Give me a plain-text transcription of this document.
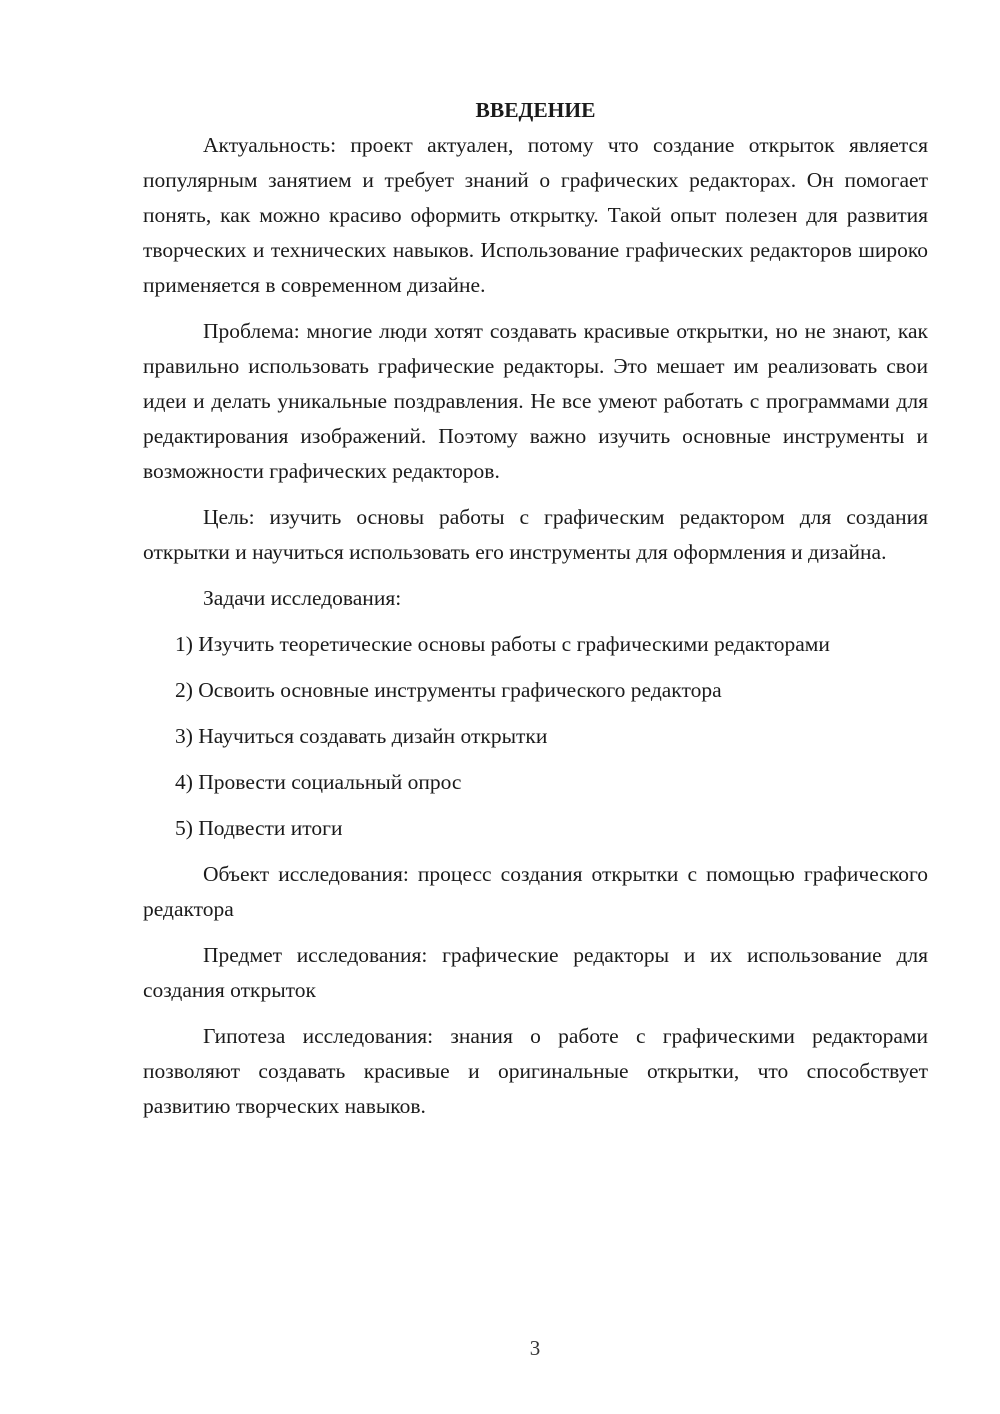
ВВЕДЕНИЕ

Актуальность: проект актуален, потому что создание открыток является популярным занятием и требует знаний о графических редакторах. Он помогает понять, как можно красиво оформить открытку. Такой опыт полезен для развития творческих и технических навыков. Использование графических редакторов широко применяется в современном дизайне.

Проблема: многие люди хотят создавать красивые открытки, но не знают, как правильно использовать графические редакторы. Это мешает им реализовать свои идеи и делать уникальные поздравления. Не все умеют работать с программами для редактирования изображений. Поэтому важно изучить основные инструменты и возможности графических редакторов.

Цель: изучить основы работы с графическим редактором для создания открытки и научиться использовать его инструменты для оформления и дизайна.

Задачи исследования:

1) Изучить теоретические основы работы с графическими редакторами

2) Освоить основные инструменты графического редактора

3) Научиться создавать дизайн открытки

4) Провести социальный опрос

5) Подвести итоги

Объект исследования: процесс создания открытки с помощью графического редактора

Предмет исследования: графические редакторы и их использование для создания открыток

Гипотеза исследования: знания о работе с графическими редакторами позволяют создавать красивые и оригинальные открытки, что способствует развитию творческих навыков.

3
